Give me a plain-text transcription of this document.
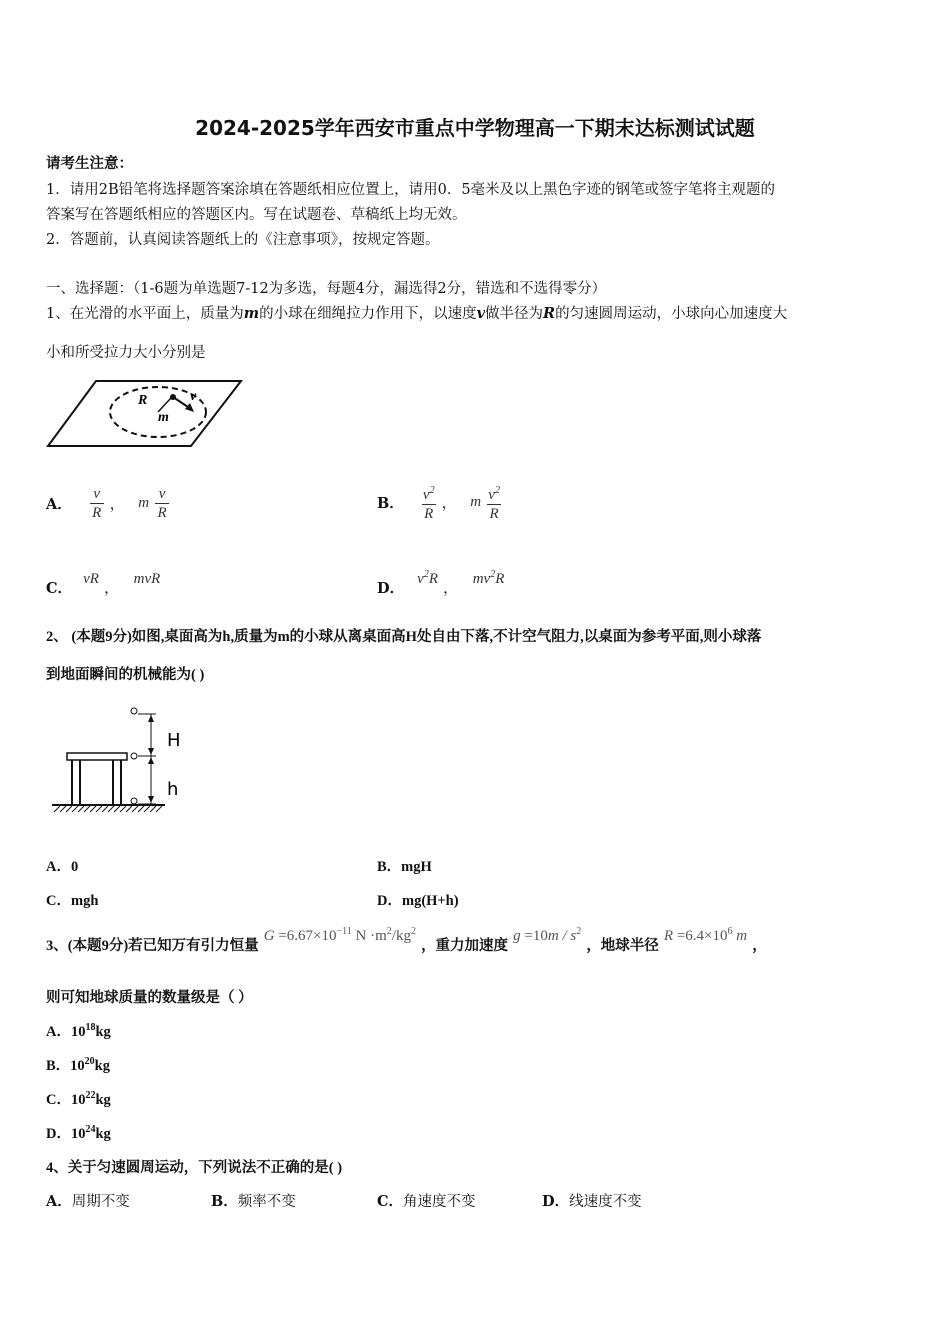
2024-2025学年西安市重点中学物理高一下期末达标测试试题
请考生注意：
1．请用2B铅笔将选择题答案涂填在答题纸相应位置上，请用0．5毫米及以上黑色字迹的钢笔或签字笔将主观题的
答案写在答题纸相应的答题区内。写在试题卷、草稿纸上均无效。
2．答题前，认真阅读答题纸上的《注意事项》，按规定答题。
一、选择题：（1-6题为单选题7-12为多选，每题4分，漏选得2分，错选和不选得零分）
1、在光滑的水平面上，质量为m的小球在细绳拉力作用下，以速度v做半径为R的匀速圆周运动，小球向心加速度大
小和所受拉力大小分别是
R	v
m
A． $\frac{v}{R}$ ， m $\frac{v}{R}$	B． $\frac{v^2}{R}$ ， m $\frac{v^2}{R}$
C． vR ， mvR
D． $v^2R$ ， $mv^2R$
2、 (本题9分)如图,桌面高为h,质量为m的小球从离桌面高H处自由下落,不计空气阻力,以桌面为参考平面,则小球落
到地面瞬间的机械能为( )
H
h
A．0	B．mgH
C．mgh	D．mg(H+h)
3、(本题9分)若已知万有引力恒量 $G =6.67\times 10^{-11}$ $N \cdot m^2/kg^2$ ，重力加速度 $g =10m / s^2$ ，地球半径 $R =6.4\times 10^6$ m ，
则可知地球质量的数量级是（ ）
A．$10^{18}kg$
B．$10^{20}kg$
C．$10^{22}kg$
D．$10^{24}kg$
4、关于匀速圆周运动，下列说法不正确的是( )
A．周期不变	B．频率不变	C．角速度不变	D．线速度不变
